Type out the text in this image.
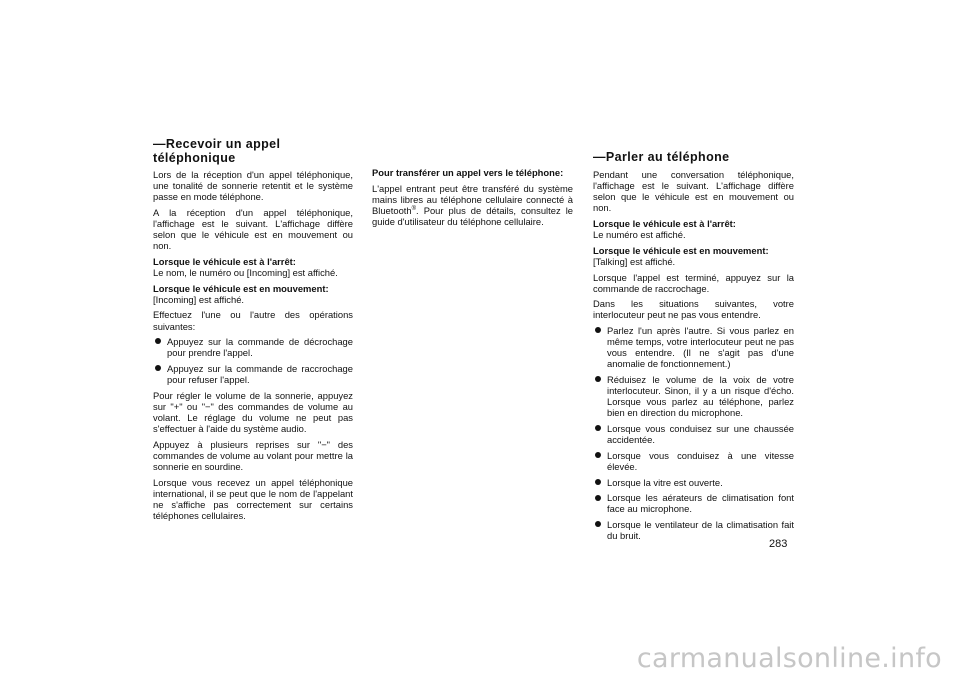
—Recevoir un appel téléphonique

Lors de la réception d'un appel téléphonique, une tonalité de sonnerie retentit et le système passe en mode téléphone.

A la réception d'un appel téléphonique, l'affichage est le suivant. L'affichage diffère selon que le véhicule est en mouvement ou non.

Lorsque le véhicule est à l'arrêt:
Le nom, le numéro ou [Incoming] est affiché.

Lorsque le véhicule est en mouvement:
[Incoming] est affiché.

Effectuez l'une ou l'autre des opérations suivantes:

Appuyez sur la commande de décrochage pour prendre l'appel.
Appuyez sur la commande de raccrochage pour refuser l'appel.

Pour régler le volume de la sonnerie, appuyez sur "+" ou "−" des commandes de volume au volant. Le réglage du volume ne peut pas s'effectuer à l'aide du système audio.

Appuyez à plusieurs reprises sur "−" des commandes de volume au volant pour mettre la sonnerie en sourdine.

Lorsque vous recevez un appel téléphonique international, il se peut que le nom de l'appelant ne s'affiche pas correctement sur certains téléphones cellulaires.

Pour transférer un appel vers le téléphone:

L'appel entrant peut être transféré du système mains libres au téléphone cellulaire connecté à Bluetooth®. Pour plus de détails, consultez le guide d'utilisateur du téléphone cellulaire.

—Parler au téléphone

Pendant une conversation téléphonique, l'affichage est le suivant. L'affichage diffère selon que le véhicule est en mouvement ou non.

Lorsque le véhicule est à l'arrêt:
Le numéro est affiché.

Lorsque le véhicule est en mouvement:
[Talking] est affiché.

Lorsque l'appel est terminé, appuyez sur la commande de raccrochage.

Dans les situations suivantes, votre interlocuteur peut ne pas vous entendre.

Parlez l'un après l'autre. Si vous parlez en même temps, votre interlocuteur peut ne pas vous entendre. (Il ne s'agit pas d'une anomalie de fonctionnement.)
Réduisez le volume de la voix de votre interlocuteur. Sinon, il y a un risque d'écho. Lorsque vous parlez au téléphone, parlez bien en direction du microphone.
Lorsque vous conduisez sur une chaussée accidentée.
Lorsque vous conduisez à une vitesse élevée.
Lorsque la vitre est ouverte.
Lorsque les aérateurs de climatisation font face au microphone.
Lorsque le ventilateur de la climatisation fait du bruit.
283
carmanualsonline.info
